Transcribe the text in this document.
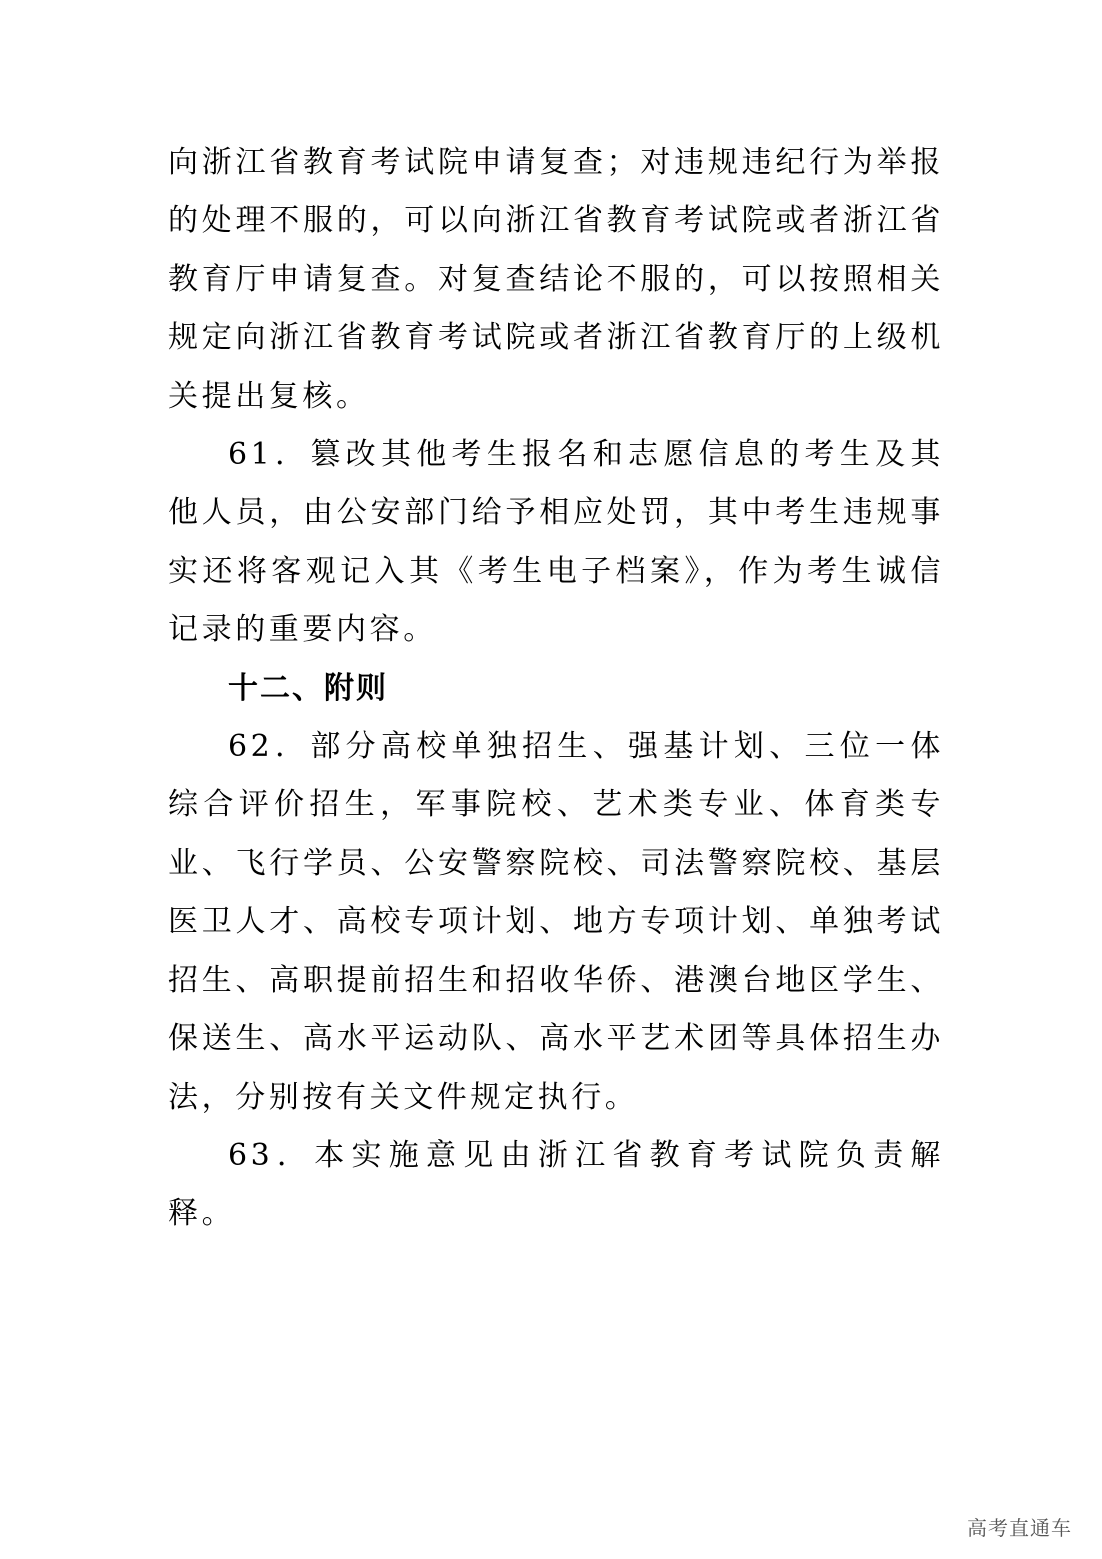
向浙江省教育考试院申请复查；对违规违纪行为举报的处理不服的，可以向浙江省教育考试院或者浙江省教育厅申请复查。对复查结论不服的，可以按照相关规定向浙江省教育考试院或者浙江省教育厅的上级机关提出复核。

61．篡改其他考生报名和志愿信息的考生及其他人员，由公安部门给予相应处罚，其中考生违规事实还将客观记入其《考生电子档案》，作为考生诚信记录的重要内容。

十二、附则

62．部分高校单独招生、强基计划、三位一体综合评价招生，军事院校、艺术类专业、体育类专业、飞行学员、公安警察院校、司法警察院校、基层医卫人才、高校专项计划、地方专项计划、单独考试招生、高职提前招生和招收华侨、港澳台地区学生、保送生、高水平运动队、高水平艺术团等具体招生办法，分别按有关文件规定执行。

63．本实施意见由浙江省教育考试院负责解释。

高考直通车
